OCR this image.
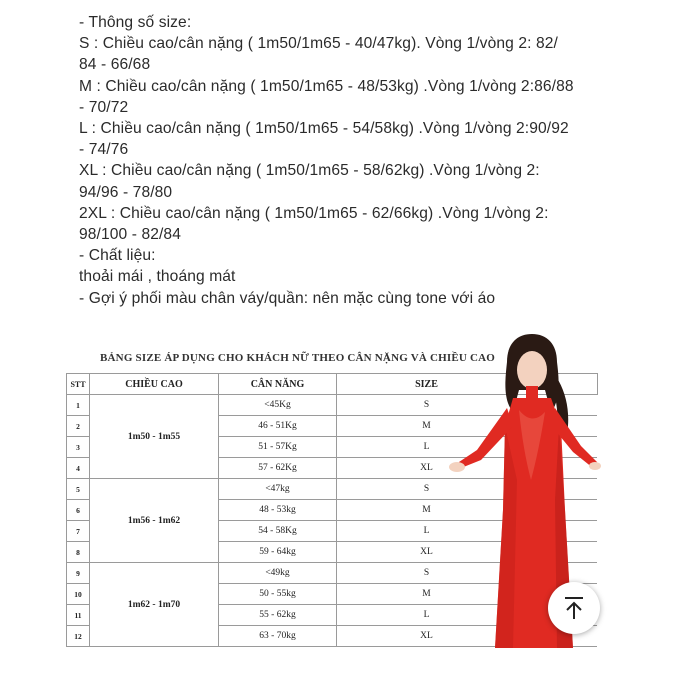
- Thông số size:

S : Chiều cao/cân nặng ( 1m50/1m65 - 40/47kg). Vòng 1/vòng 2: 82/

84 - 66/68

M : Chiều cao/cân nặng ( 1m50/1m65 - 48/53kg) .Vòng 1/vòng 2:86/88

- 70/72

L : Chiều cao/cân nặng ( 1m50/1m65 - 54/58kg) .Vòng 1/vòng 2:90/92

- 74/76

XL : Chiều cao/cân nặng ( 1m50/1m65 - 58/62kg) .Vòng 1/vòng 2:

94/96 - 78/80

2XL : Chiều cao/cân nặng ( 1m50/1m65 - 62/66kg) .Vòng 1/vòng 2:

98/100 - 82/84

- Chất liệu:

thoải mái , thoáng mát

- Gợi ý phối màu chân váy/quần: nên mặc cùng tone với áo

BẢNG SIZE ÁP DỤNG CHO KHÁCH NỮ THEO CÂN NẶNG VÀ CHIỀU CAO
STT	CHIỀU CAO	CÂN NĂNG	SIZE	
1	1m50 - 1m55	<45Kg	S	
2		46 - 51Kg	M	
3		51 - 57Kg	L	
4		57 - 62Kg	XL	
5	1m56 - 1m62	<47kg	S	
6		48 - 53kg	M	
7		54 - 58Kg	L	
8		59 - 64kg	XL	
9	1m62 - 1m70	<49kg	S	
10		50 - 55kg	M	
11		55 - 62kg	L	
12		63 - 70kg	XL	
